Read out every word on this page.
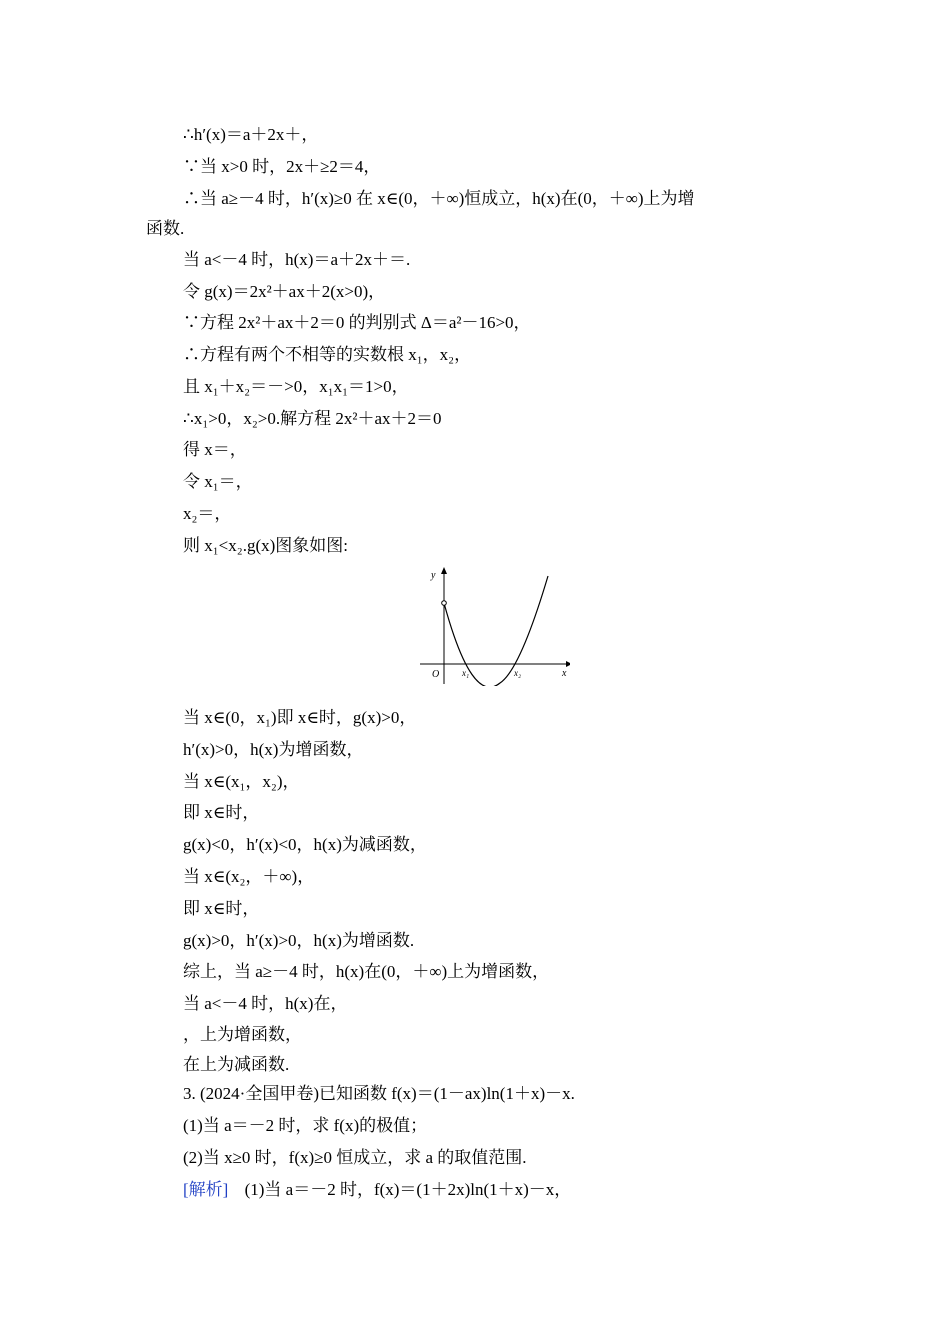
∴h′(x)＝a＋2x＋，
∵当 x>0 时，2x＋≥2＝4，
∴当 a≥－4 时，h′(x)≥0 在 x∈(0，＋∞)恒成立，h(x)在(0，＋∞)上为增
函数.
当 a<－4 时，h(x)＝a＋2x＋＝.
令 g(x)＝2x²＋ax＋2(x>0)，
∵方程 2x²＋ax＋2＝0 的判别式 Δ＝a²－16>0，
∴方程有两个不相等的实数根 x₁，x₂，
且 x₁＋x₂＝－>0，x₁x₁＝1>0，
∴x₁>0，x₂>0.解方程 2x²＋ax＋2＝0
得 x＝，
令 x₁＝，
x₂＝，
则 x₁<x₂.g(x)图象如图:
y
x
O	x₁	x₂
当 x∈(0，x₁)即 x∈时，g(x)>0，
h′(x)>0，h(x)为增函数，
当 x∈(x₁，x₂)，
即 x∈时，
g(x)<0，h′(x)<0，h(x)为减函数，
当 x∈(x₂，＋∞)，
即 x∈时，
g(x)>0，h′(x)>0，h(x)为增函数.
综上，当 a≥－4 时，h(x)在(0，＋∞)上为增函数，
当 a<－4 时，h(x)在，
，上为增函数，
在上为减函数.
3. (2024·全国甲卷)已知函数 f(x)＝(1－ax)ln(1＋x)－x.
(1)当 a＝－2 时，求 f(x)的极值；
(2)当 x≥0 时，f(x)≥0 恒成立，求 a 的取值范围.
[解析] (1)当 a＝－2 时，f(x)＝(1＋2x)ln(1＋x)－x，
